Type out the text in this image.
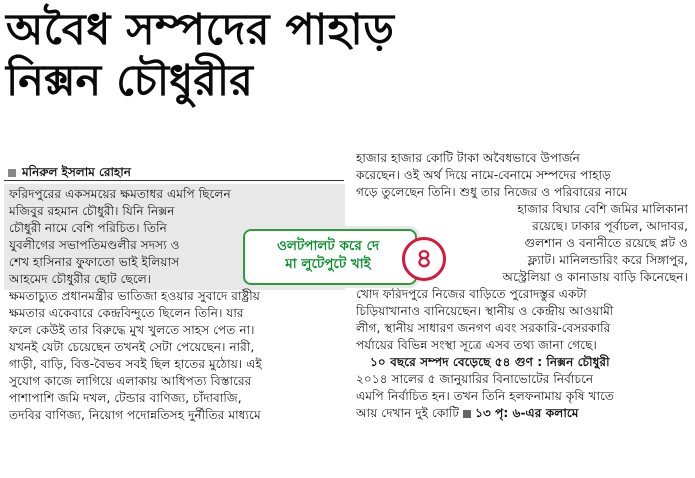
অবৈধ সম্পদের পাহাড়
নিক্সন চৌধুরীর
মনিরুল ইসলাম রোহান
ফরিদপুরের একসময়ের ক্ষমতাধর এমপি ছিলেন
মজিবুর রহমান চৌধুরী। যিনি নিক্সন
চৌধুরী নামে বেশি পরিচিত। তিনি
যুবলীগের সভাপতিমণ্ডলীর সদস্য ও
শেখ হাসিনার ফুফাতো ভাই ইলিয়াস
আহমেদ চৌধুরীর ছোট ছেলে।
ক্ষমতাচ্যুত প্রধানমন্ত্রীর ভাতিজা হওয়ার সুবাদে রাষ্ট্রীয়
ক্ষমতার একেবারে কেন্দ্রবিন্দুতে ছিলেন তিনি। যার
ফলে কেউই তার বিরুদ্ধে মুখ খুলতে সাহস পেত না।
যখনই যেটা চেয়েছেন তখনই সেটা পেয়েছেন। নারী,
গাড়ী, বাড়ি, বিত্ত-বৈভব সবই ছিল হাতের মুঠোয়। এই
সুযোগ কাজে লাগিয়ে এলাকায় আধিপত্য বিস্তারের
পাশাপাশি জমি দখল, টেন্ডার বাণিজ্য, চাঁদাবাজি,
তদবির বাণিজ্য, নিয়োগ পদোন্নতিসহ দুর্নীতির মাধ্যমে
হাজার হাজার কোটি টাকা অবৈধভাবে উপার্জন
করেছেন। ওই অর্থ দিয়ে নামে-বেনামে সম্পদের পাহাড়
গড়ে তুলেছেন তিনি। শুধু তার নিজের ও পরিবারের নামে
হাজার বিঘার বেশি জমির মালিকানা
রয়েছে। ঢাকার পূর্বাচল, আদাবর,
গুলশান ও বনানীতে রয়েছে প্লট ও
ফ্ল্যাট। মানিলন্ডারিং করে সিঙ্গাপুর,
অস্ট্রেলিয়া ও কানাডায় বাড়ি কিনেছেন।
খোদ ফরিদপুরে নিজের বাড়িতে পুরোদস্তুর একটা
চিড়িয়াখানাও বানিয়েছেন। স্থানীয় ও কেন্দ্রীয় আওয়ামী
লীগ, স্থানীয় সাধারণ জনগণ এবং সরকারি-বেসরকারি
পর্যায়ের বিভিন্ন সংস্থা সূত্রে এসব তথ্য জানা গেছে।
১০ বছরে সম্পদ বেড়েছে ৫৪ গুণ : নিক্সন চৌধুরী
২০১৪ সালের ৫ জানুয়ারির বিনাভোটের নির্বাচনে
এমপি নির্বাচিত হন। তখন তিনি হলফনামায় কৃষি খাতে
আয় দেখান দুই কোটি ১৩ পৃ: ৬-এর কলামে
ওলটপালট করে দে
মা লুটেপুটে খাই	৪
